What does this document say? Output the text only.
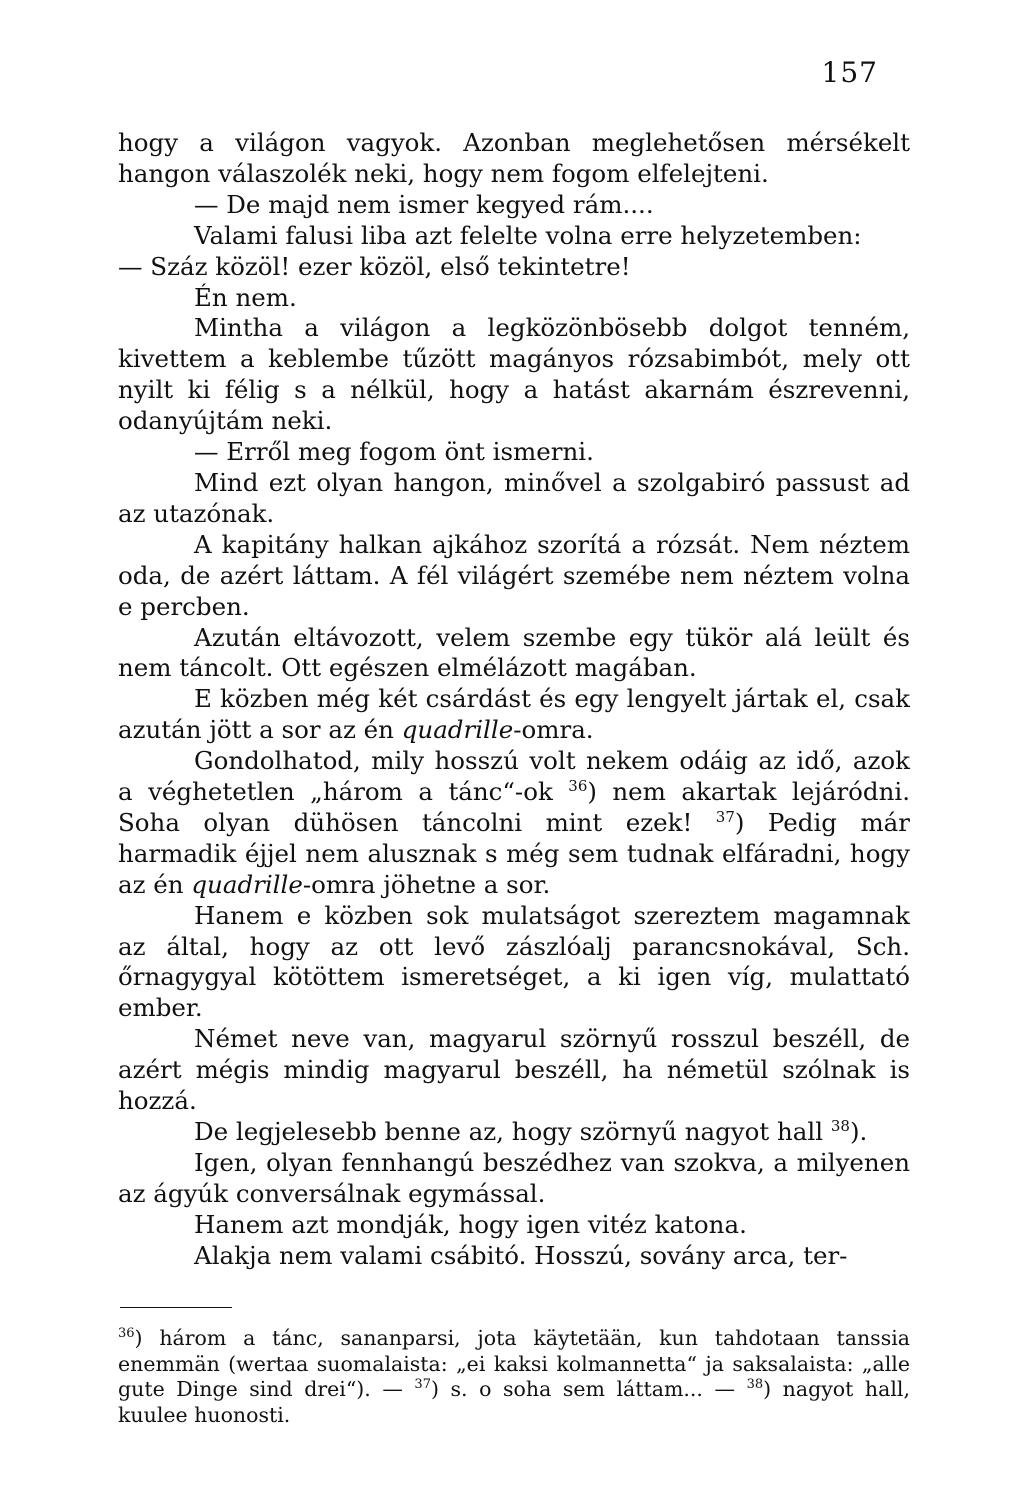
157

hogy a világon vagyok. Azonban meglehetősen mérsékelt hangon válaszolék neki, hogy nem fogom elfelejteni.

— De majd nem ismer kegyed rám....

Valami falusi liba azt felelte volna erre helyzetemben:

— Száz közöl! ezer közöl, első tekintetre!

Én nem.

Mintha a világon a legközönbösebb dolgot tenném, kivettem a keblembe tűzött magányos rózsabimbót, mely ott nyilt ki félig s a nélkül, hogy a hatást akarnám észrevenni, odanyújtám neki.

— Erről meg fogom önt ismerni.

Mind ezt olyan hangon, minővel a szolgabiró passust ad az utazónak.

A kapitány halkan ajkához szorítá a rózsát. Nem néztem oda, de azért láttam. A fél világért szemébe nem néztem volna e percben.

Azután eltávozott, velem szembe egy tükör alá leült és nem táncolt. Ott egészen elmélázott magában.

E közben még két csárdást és egy lengyelt jártak el, csak azután jött a sor az én quadrille-omra.

Gondolhatod, mily hosszú volt nekem odáig az idő, azok a véghetetlen „három a tánc“-ok $^{36}$) nem akartak lejáródni. Soha olyan dühösen táncolni mint ezek! $^{37}$) Pedig már harmadik éjjel nem alusznak s még sem tudnak elfáradni, hogy az én quadrille-omra jöhetne a sor.

Hanem e közben sok mulatságot szereztem magamnak az által, hogy az ott levő zászlóalj parancsnokával, Sch. őrnagygyal kötöttem ismeretséget, a ki igen víg, mulattató ember.

Német neve van, magyarul szörnyű rosszul beszéll, de azért mégis mindig magyarul beszéll, ha németül szólnak is hozzá.

De legjelesebb benne az, hogy szörnyű nagyot hall $^{38}$).

Igen, olyan fennhangú beszédhez van szokva, a milyenen az ágyúk conversálnak egymással.

Hanem azt mondják, hogy igen vitéz katona.

Alakja nem valami csábitó. Hosszú, sovány arca, ter-

$^{36}$) három a tánc, sananparsi, jota käytetään, kun tahdotaan tanssia enemmän (wertaa suomalaista: „ei kaksi kolmannetta“ ja saksalaista: „alle gute Dinge sind drei“). — $^{37}$) s. o soha sem láttam... — $^{38}$) nagyot hall, kuulee huonosti.
